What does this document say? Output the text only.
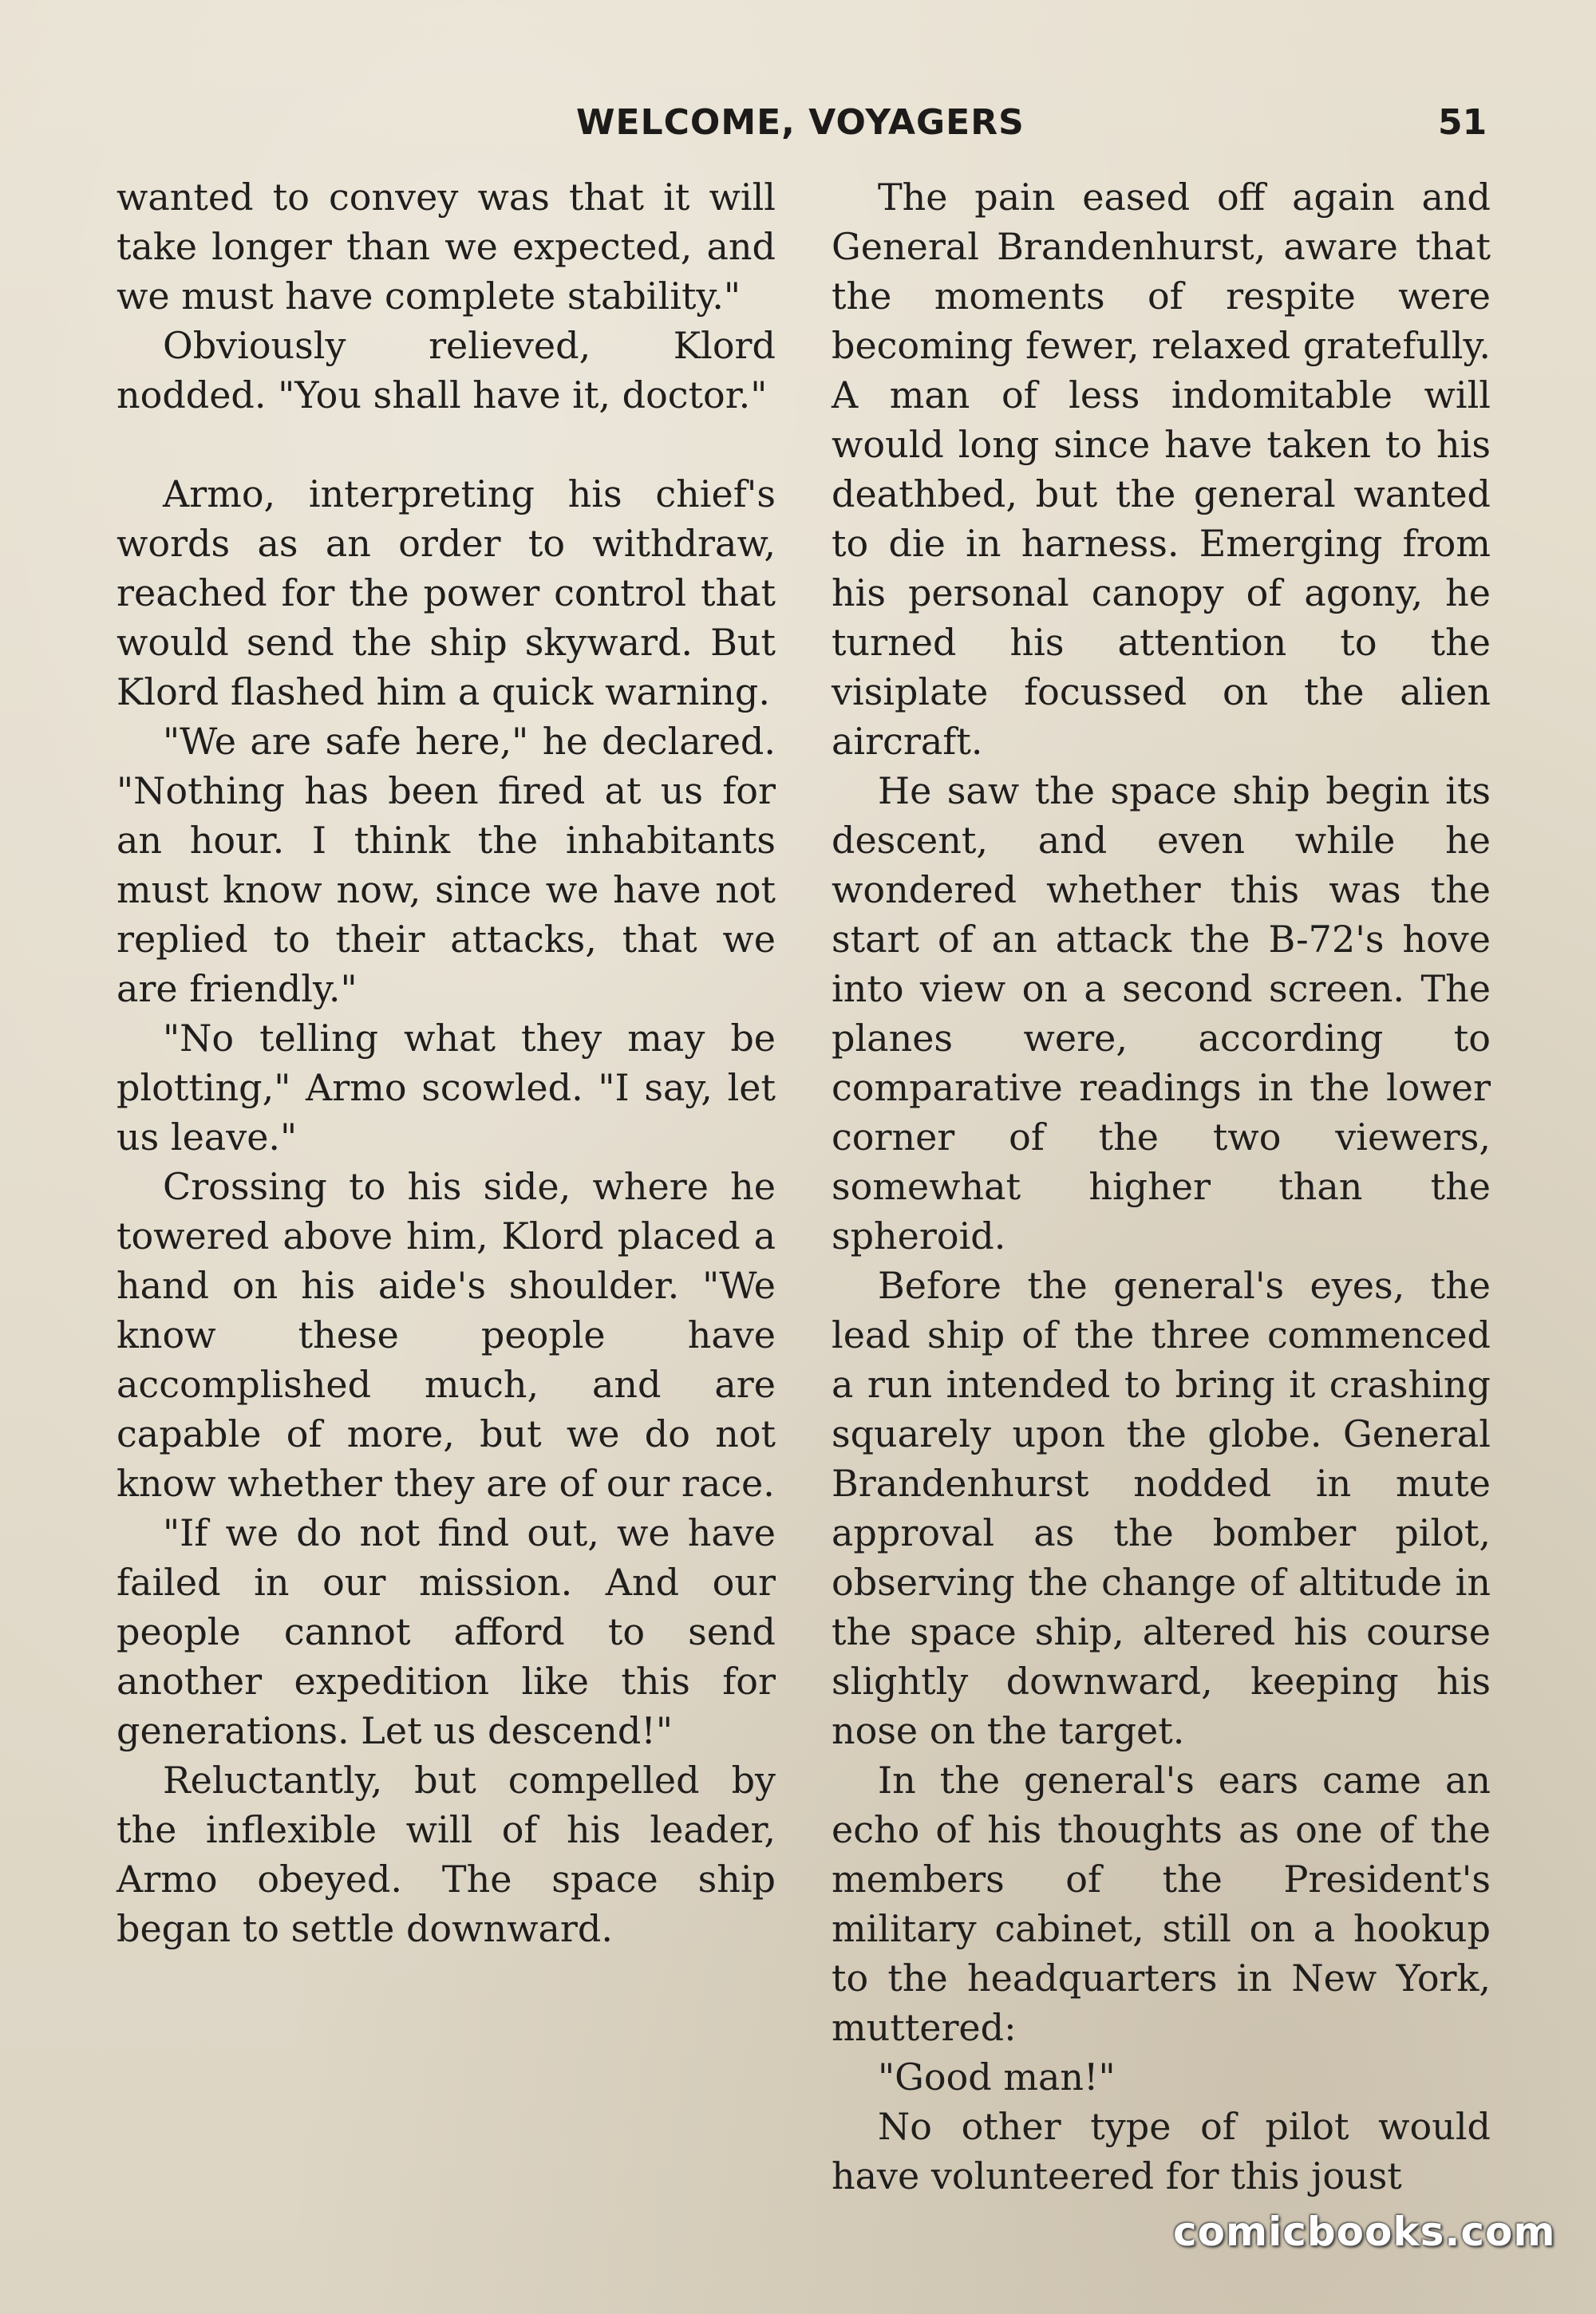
WELCOME, VOYAGERS	51

wanted to convey was that it will take longer than we expected, and we must have complete stability."

Obviously relieved, Klord nodded. "You shall have it, doctor."

Armo, interpreting his chief's words as an order to withdraw, reached for the power control that would send the ship skyward. But Klord flashed him a quick warning.

"We are safe here," he declared. "Nothing has been fired at us for an hour. I think the inhabitants must know now, since we have not replied to their attacks, that we are friendly."

"No telling what they may be plotting," Armo scowled. "I say, let us leave."

Crossing to his side, where he towered above him, Klord placed a hand on his aide's shoulder. "We know these people have accomplished much, and are capable of more, but we do not know whether they are of our race.

"If we do not find out, we have failed in our mission. And our people cannot afford to send another expedition like this for generations. Let us descend!"

Reluctantly, but compelled by the inflexible will of his leader, Armo obeyed. The space ship began to settle downward.

The pain eased off again and General Brandenhurst, aware that the moments of respite were becoming fewer, relaxed gratefully. A man of less indomitable will would long since have taken to his deathbed, but the general wanted to die in harness. Emerging from his personal canopy of agony, he turned his attention to the visiplate focussed on the alien aircraft.

He saw the space ship begin its descent, and even while he wondered whether this was the start of an attack the B-72's hove into view on a second screen. The planes were, according to comparative readings in the lower corner of the two viewers, somewhat higher than the spheroid.

Before the general's eyes, the lead ship of the three commenced a run intended to bring it crashing squarely upon the globe. General Brandenhurst nodded in mute approval as the bomber pilot, observing the change of altitude in the space ship, altered his course slightly downward, keeping his nose on the target.

In the general's ears came an echo of his thoughts as one of the members of the President's military cabinet, still on a hookup to the headquarters in New York, muttered:

"Good man!"

No other type of pilot would have volunteered for this joust

comicbooks.com
